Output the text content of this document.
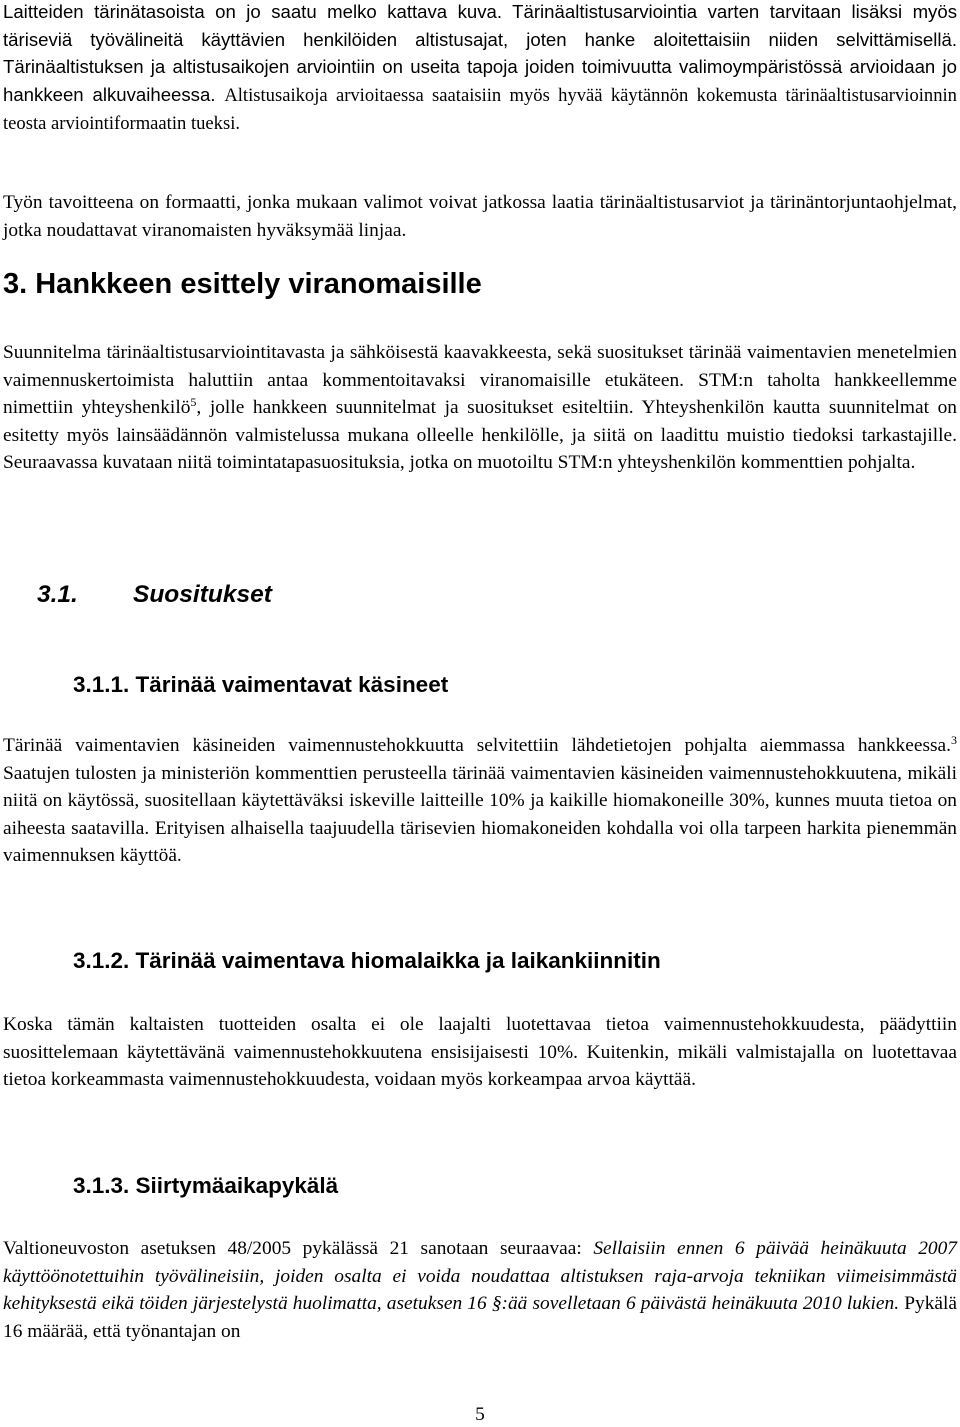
Laitteiden tärinätasoista on jo saatu melko kattava kuva. Tärinäaltistusarviointia varten tarvitaan lisäksi myös täriseviä työvälineitä käyttävien henkilöiden altistusajat, joten hanke aloitettaisiin niiden selvittämisellä. Tärinäaltistuksen ja altistusaikojen arviointiin on useita tapoja joiden toimivuutta valimoympäristössä arvioidaan jo hankkeen alkuvaiheessa. Altistusaikoja arvioitaessa saataisiin myös hyvää käytännön kokemusta tärinäaltistusarvioinnin teosta arviointiformaatin tueksi.

Työn tavoitteena on formaatti, jonka mukaan valimot voivat jatkossa laatia tärinäaltistusarviot ja tärinäntorjuntaohjelmat, jotka noudattavat viranomaisten hyväksymää linjaa.

3. Hankkeen esittely viranomaisille

Suunnitelma tärinäaltistusarviointitavasta ja sähköisestä kaavakkeesta, sekä suositukset tärinää vaimentavien menetelmien vaimennuskertoimista haluttiin antaa kommentoitavaksi viranomaisille etukäteen. STM:n taholta hankkeellemme nimettiin yhteyshenkilö$^5$, jolle hankkeen suunnitelmat ja suositukset esiteltiin. Yhteyshenkilön kautta suunnitelmat on esitetty myös lainsäädännön valmistelussa mukana olleelle henkilölle, ja siitä on laadittu muistio tiedoksi tarkastajille. Seuraavassa kuvataan niitä toimintatapasuosituksia, jotka on muotoiltu STM:n yhteyshenkilön kommenttien pohjalta.

3.1. Suositukset
3.1.1. Tärinää vaimentavat käsineet

Tärinää vaimentavien käsineiden vaimennustehokkuutta selvitettiin lähdetietojen pohjalta aiemmassa hankkeessa.$^3$ Saatujen tulosten ja ministeriön kommenttien perusteella tärinää vaimentavien käsineiden vaimennustehokkuutena, mikäli niitä on käytössä, suositellaan käytettäväksi iskeville laitteille 10% ja kaikille hiomakoneille 30%, kunnes muuta tietoa on aiheesta saatavilla. Erityisen alhaisella taajuudella tärisevien hiomakoneiden kohdalla voi olla tarpeen harkita pienemmän vaimennuksen käyttöä.

3.1.2. Tärinää vaimentava hiomalaikka ja laikankiinnitin

Koska tämän kaltaisten tuotteiden osalta ei ole laajalti luotettavaa tietoa vaimennustehokkuudesta, päädyttiin suosittelemaan käytettävänä vaimennustehokkuutena ensisijaisesti 10%. Kuitenkin, mikäli valmistajalla on luotettavaa tietoa korkeammasta vaimennustehokkuudesta, voidaan myös korkeampaa arvoa käyttää.

3.1.3. Siirtymäaikapykälä

Valtioneuvoston asetuksen 48/2005 pykälässä 21 sanotaan seuraavaa: Sellaisiin ennen 6 päivää heinäkuuta 2007 käyttöönotettuihin työvälineisiin, joiden osalta ei voida noudattaa altistuksen raja-arvoja tekniikan viimeisimmästä kehityksestä eikä töiden järjestelystä huolimatta, asetuksen 16 §:ää sovelletaan 6 päivästä heinäkuuta 2010 lukien. Pykälä 16 määrää, että työnantajan on

5
